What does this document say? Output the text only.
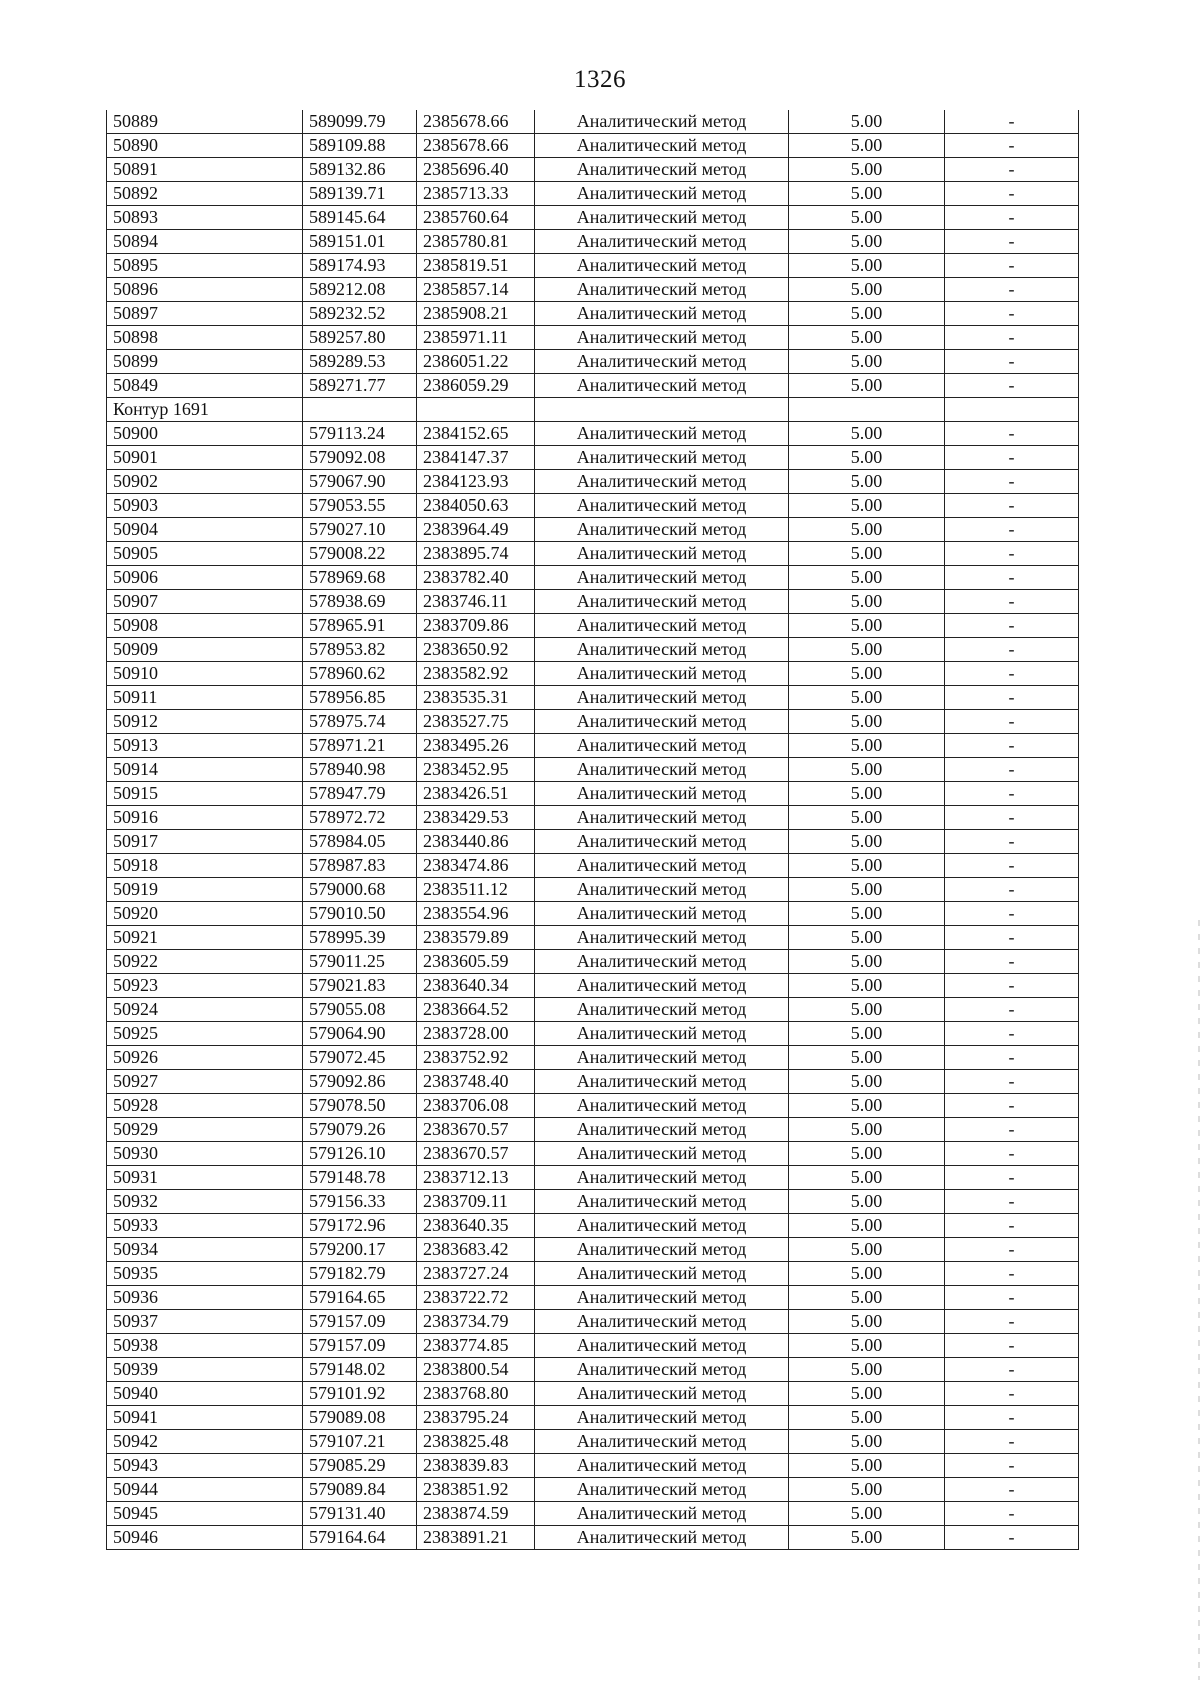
1326
50889	589099.79	2385678.66	Аналитический метод	5.00	-
50890	589109.88	2385678.66	Аналитический метод	5.00	-
50891	589132.86	2385696.40	Аналитический метод	5.00	-
50892	589139.71	2385713.33	Аналитический метод	5.00	-
50893	589145.64	2385760.64	Аналитический метод	5.00	-
50894	589151.01	2385780.81	Аналитический метод	5.00	-
50895	589174.93	2385819.51	Аналитический метод	5.00	-
50896	589212.08	2385857.14	Аналитический метод	5.00	-
50897	589232.52	2385908.21	Аналитический метод	5.00	-
50898	589257.80	2385971.11	Аналитический метод	5.00	-
50899	589289.53	2386051.22	Аналитический метод	5.00	-
50849	589271.77	2386059.29	Аналитический метод	5.00	-
Контур 1691					
50900	579113.24	2384152.65	Аналитический метод	5.00	-
50901	579092.08	2384147.37	Аналитический метод	5.00	-
50902	579067.90	2384123.93	Аналитический метод	5.00	-
50903	579053.55	2384050.63	Аналитический метод	5.00	-
50904	579027.10	2383964.49	Аналитический метод	5.00	-
50905	579008.22	2383895.74	Аналитический метод	5.00	-
50906	578969.68	2383782.40	Аналитический метод	5.00	-
50907	578938.69	2383746.11	Аналитический метод	5.00	-
50908	578965.91	2383709.86	Аналитический метод	5.00	-
50909	578953.82	2383650.92	Аналитический метод	5.00	-
50910	578960.62	2383582.92	Аналитический метод	5.00	-
50911	578956.85	2383535.31	Аналитический метод	5.00	-
50912	578975.74	2383527.75	Аналитический метод	5.00	-
50913	578971.21	2383495.26	Аналитический метод	5.00	-
50914	578940.98	2383452.95	Аналитический метод	5.00	-
50915	578947.79	2383426.51	Аналитический метод	5.00	-
50916	578972.72	2383429.53	Аналитический метод	5.00	-
50917	578984.05	2383440.86	Аналитический метод	5.00	-
50918	578987.83	2383474.86	Аналитический метод	5.00	-
50919	579000.68	2383511.12	Аналитический метод	5.00	-
50920	579010.50	2383554.96	Аналитический метод	5.00	-
50921	578995.39	2383579.89	Аналитический метод	5.00	-
50922	579011.25	2383605.59	Аналитический метод	5.00	-
50923	579021.83	2383640.34	Аналитический метод	5.00	-
50924	579055.08	2383664.52	Аналитический метод	5.00	-
50925	579064.90	2383728.00	Аналитический метод	5.00	-
50926	579072.45	2383752.92	Аналитический метод	5.00	-
50927	579092.86	2383748.40	Аналитический метод	5.00	-
50928	579078.50	2383706.08	Аналитический метод	5.00	-
50929	579079.26	2383670.57	Аналитический метод	5.00	-
50930	579126.10	2383670.57	Аналитический метод	5.00	-
50931	579148.78	2383712.13	Аналитический метод	5.00	-
50932	579156.33	2383709.11	Аналитический метод	5.00	-
50933	579172.96	2383640.35	Аналитический метод	5.00	-
50934	579200.17	2383683.42	Аналитический метод	5.00	-
50935	579182.79	2383727.24	Аналитический метод	5.00	-
50936	579164.65	2383722.72	Аналитический метод	5.00	-
50937	579157.09	2383734.79	Аналитический метод	5.00	-
50938	579157.09	2383774.85	Аналитический метод	5.00	-
50939	579148.02	2383800.54	Аналитический метод	5.00	-
50940	579101.92	2383768.80	Аналитический метод	5.00	-
50941	579089.08	2383795.24	Аналитический метод	5.00	-
50942	579107.21	2383825.48	Аналитический метод	5.00	-
50943	579085.29	2383839.83	Аналитический метод	5.00	-
50944	579089.84	2383851.92	Аналитический метод	5.00	-
50945	579131.40	2383874.59	Аналитический метод	5.00	-
50946	579164.64	2383891.21	Аналитический метод	5.00	-
